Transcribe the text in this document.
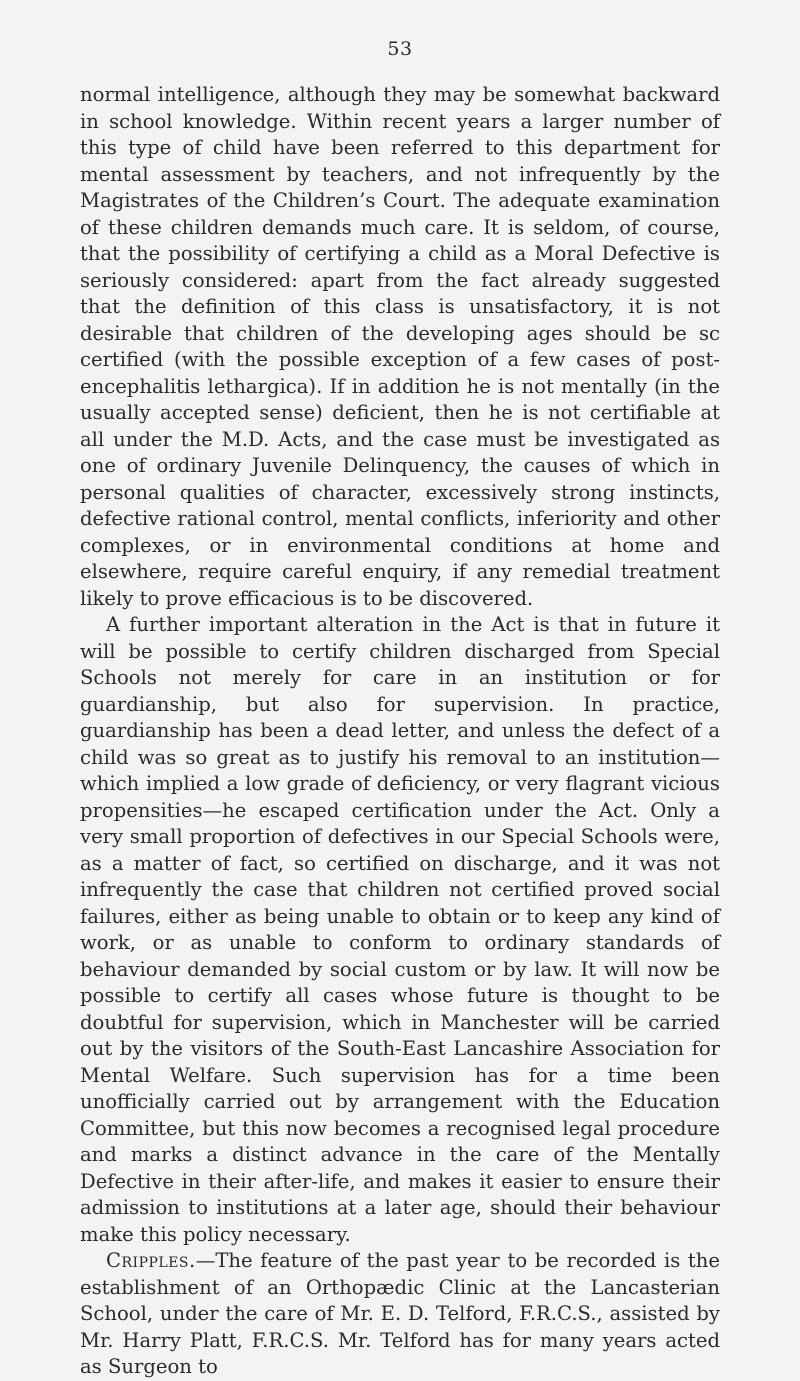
53

normal intelligence, although they may be somewhat backward in school knowledge. Within recent years a larger number of this type of child have been referred to this department for mental assessment by teachers, and not infrequently by the Magistrates of the Children’s Court. The adequate examination of these children demands much care. It is seldom, of course, that the possibility of certifying a child as a Moral Defective is seriously considered: apart from the fact already suggested that the definition of this class is unsatisfactory, it is not desirable that children of the developing ages should be sc certified (with the possible exception of a few cases of post-encephalitis lethargica). If in addition he is not mentally (in the usually accepted sense) deficient, then he is not certifiable at all under the M.D. Acts, and the case must be investigated as one of ordinary Juvenile Delinquency, the causes of which in personal qualities of character, excessively strong instincts, defective rational control, mental conflicts, inferiority and other complexes, or in environmental conditions at home and elsewhere, require careful enquiry, if any remedial treatment likely to prove efficacious is to be discovered.

A further important alteration in the Act is that in future it will be possible to certify children discharged from Special Schools not merely for care in an institution or for guardianship, but also for supervision. In practice, guardianship has been a dead letter, and unless the defect of a child was so great as to justify his removal to an institution—which implied a low grade of deficiency, or very flagrant vicious propensities—he escaped certification under the Act. Only a very small proportion of defectives in our Special Schools were, as a matter of fact, so certified on discharge, and it was not infrequently the case that children not certified proved social failures, either as being unable to obtain or to keep any kind of work, or as unable to conform to ordinary standards of behaviour demanded by social custom or by law. It will now be possible to certify all cases whose future is thought to be doubtful for supervision, which in Manchester will be carried out by the visitors of the South-East Lancashire Association for Mental Welfare. Such supervision has for a time been unofficially carried out by arrangement with the Education Committee, but this now becomes a recognised legal procedure and marks a distinct advance in the care of the Mentally Defective in their after-life, and makes it easier to ensure their admission to institutions at a later age, should their behaviour make this policy necessary.

Cripples.—The feature of the past year to be recorded is the establishment of an Orthopædic Clinic at the Lancasterian School, under the care of Mr. E. D. Telford, F.R.C.S., assisted by Mr. Harry Platt, F.R.C.S. Mr. Telford has for many years acted as Surgeon to
